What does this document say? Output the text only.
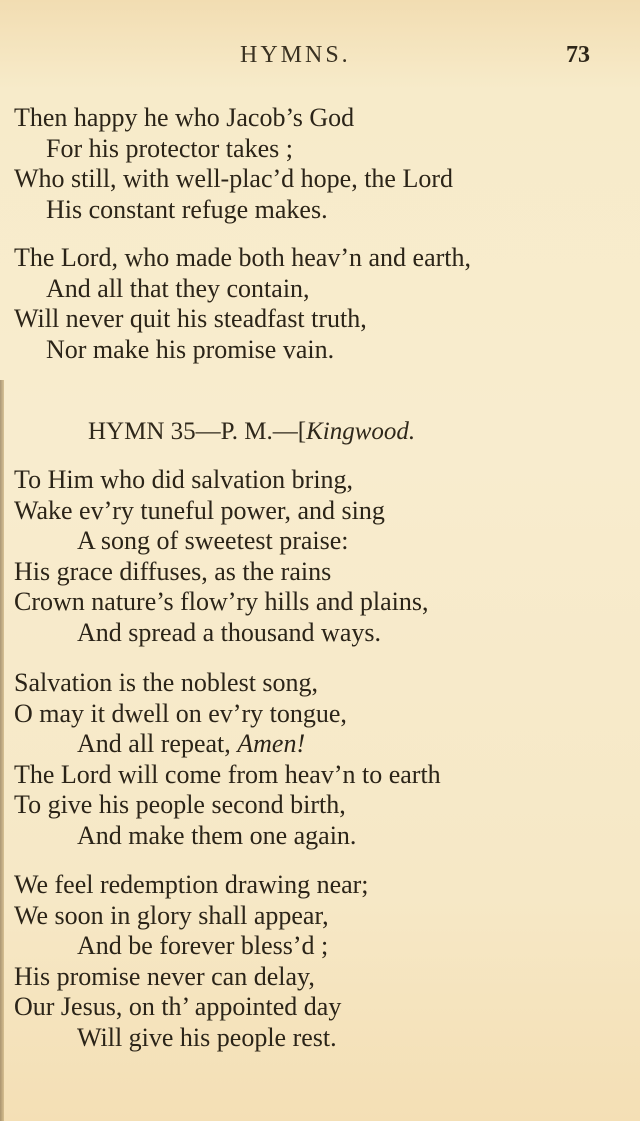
HYMNS.	73
Then happy he who Jacob’s God
For his protector takes ;
Who still, with well-plac’d hope, the Lord
His constant refuge makes.
The Lord, who made both heav’n and earth,
And all that they contain,
Will never quit his steadfast truth,
Nor make his promise vain.
HYMN 35—P. M.—[Kingwood.
To Him who did salvation bring,
Wake ev’ry tuneful power, and sing
A song of sweetest praise:
His grace diffuses, as the rains
Crown nature’s flow’ry hills and plains,
And spread a thousand ways.
Salvation is the noblest song,
O may it dwell on ev’ry tongue,
And all repeat, Amen!
The Lord will come from heav’n to earth
To give his people second birth,
And make them one again.
We feel redemption drawing near;
We soon in glory shall appear,
And be forever bless’d ;
His promise never can delay,
Our Jesus, on th’ appointed day
Will give his people rest.
